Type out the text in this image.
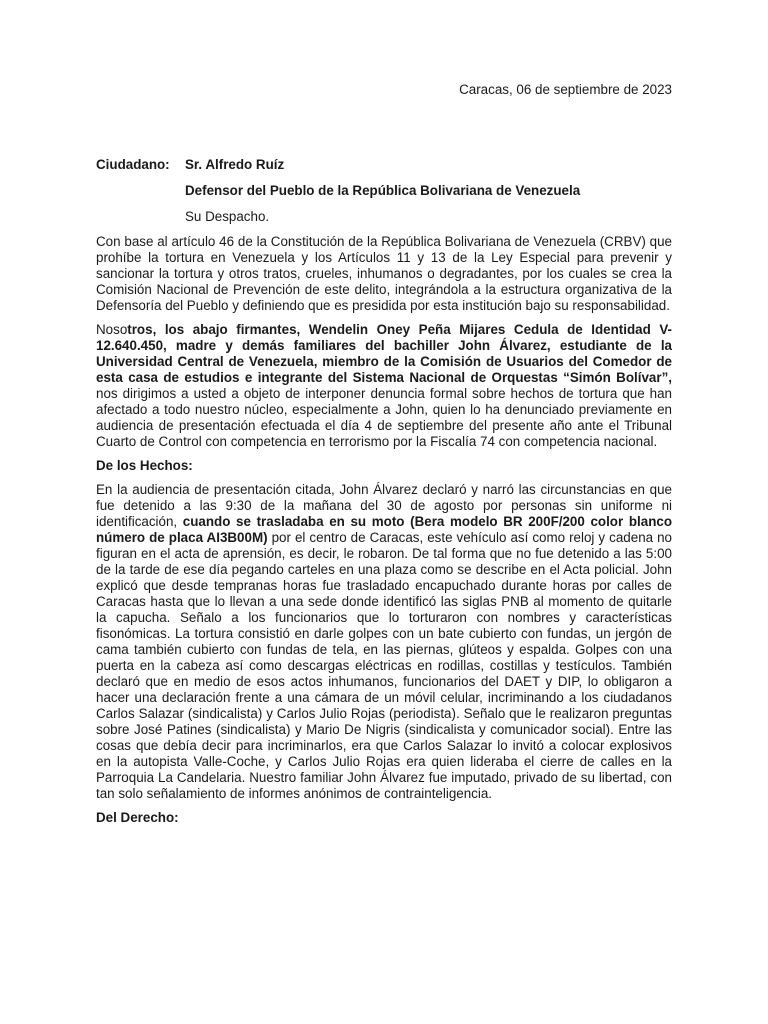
Caracas, 06 de septiembre de 2023
Ciudadano:	Sr. Alfredo Ruíz
Defensor del Pueblo de la República Bolivariana de Venezuela
Su Despacho.

Con base al artículo 46 de la Constitución de la República Bolivariana de Venezuela (CRBV) que prohíbe la tortura en Venezuela y los Artículos 11 y 13 de la Ley Especial para prevenir y sancionar la tortura y otros tratos, crueles, inhumanos o degradantes, por los cuales se crea la Comisión Nacional de Prevención de este delito, integrándola a la estructura organizativa de la Defensoría del Pueblo y definiendo que es presidida por esta institución bajo su responsabilidad.

Nosotros, los abajo firmantes, Wendelin Oney Peña Mijares Cedula de Identidad V-12.640.450, madre y demás familiares del bachiller John Álvarez, estudiante de la Universidad Central de Venezuela, miembro de la Comisión de Usuarios del Comedor de esta casa de estudios e integrante del Sistema Nacional de Orquestas “Simón Bolívar”, nos dirigimos a usted a objeto de interponer denuncia formal sobre hechos de tortura que han afectado a todo nuestro núcleo, especialmente a John, quien lo ha denunciado previamente en audiencia de presentación efectuada el día 4 de septiembre del presente año ante el Tribunal Cuarto de Control con competencia en terrorismo por la Fiscalía 74 con competencia nacional.

De los Hechos:

En la audiencia de presentación citada, John Álvarez declaró y narró las circunstancias en que fue detenido a las 9:30 de la mañana del 30 de agosto por personas sin uniforme ni identificación, cuando se trasladaba en su moto (Bera modelo BR 200F/200 color blanco número de placa AI3B00M) por el centro de Caracas, este vehículo así como reloj y cadena no figuran en el acta de aprensión, es decir, le robaron. De tal forma que no fue detenido a las 5:00 de la tarde de ese día pegando carteles en una plaza como se describe en el Acta policial. John explicó que desde tempranas horas fue trasladado encapuchado durante horas por calles de Caracas hasta que lo llevan a una sede donde identificó las siglas PNB al momento de quitarle la capucha. Señalo a los funcionarios que lo torturaron con nombres y características fisonómicas. La tortura consistió en darle golpes con un bate cubierto con fundas, un jergón de cama también cubierto con fundas de tela, en las piernas, glúteos y espalda. Golpes con una puerta en la cabeza así como descargas eléctricas en rodillas, costillas y testículos. También declaró que en medio de esos actos inhumanos, funcionarios del DAET y DIP, lo obligaron a hacer una declaración frente a una cámara de un móvil celular, incriminando a los ciudadanos Carlos Salazar (sindicalista) y Carlos Julio Rojas (periodista). Señalo que le realizaron preguntas sobre José Patines (sindicalista) y Mario De Nigris (sindicalista y comunicador social). Entre las cosas que debía decir para incriminarlos, era que Carlos Salazar lo invitó a colocar explosivos en la autopista Valle-Coche, y Carlos Julio Rojas era quien lideraba el cierre de calles en la Parroquia La Candelaria. Nuestro familiar John Álvarez fue imputado, privado de su libertad, con tan solo señalamiento de informes anónimos de contrainteligencia.

Del Derecho:
